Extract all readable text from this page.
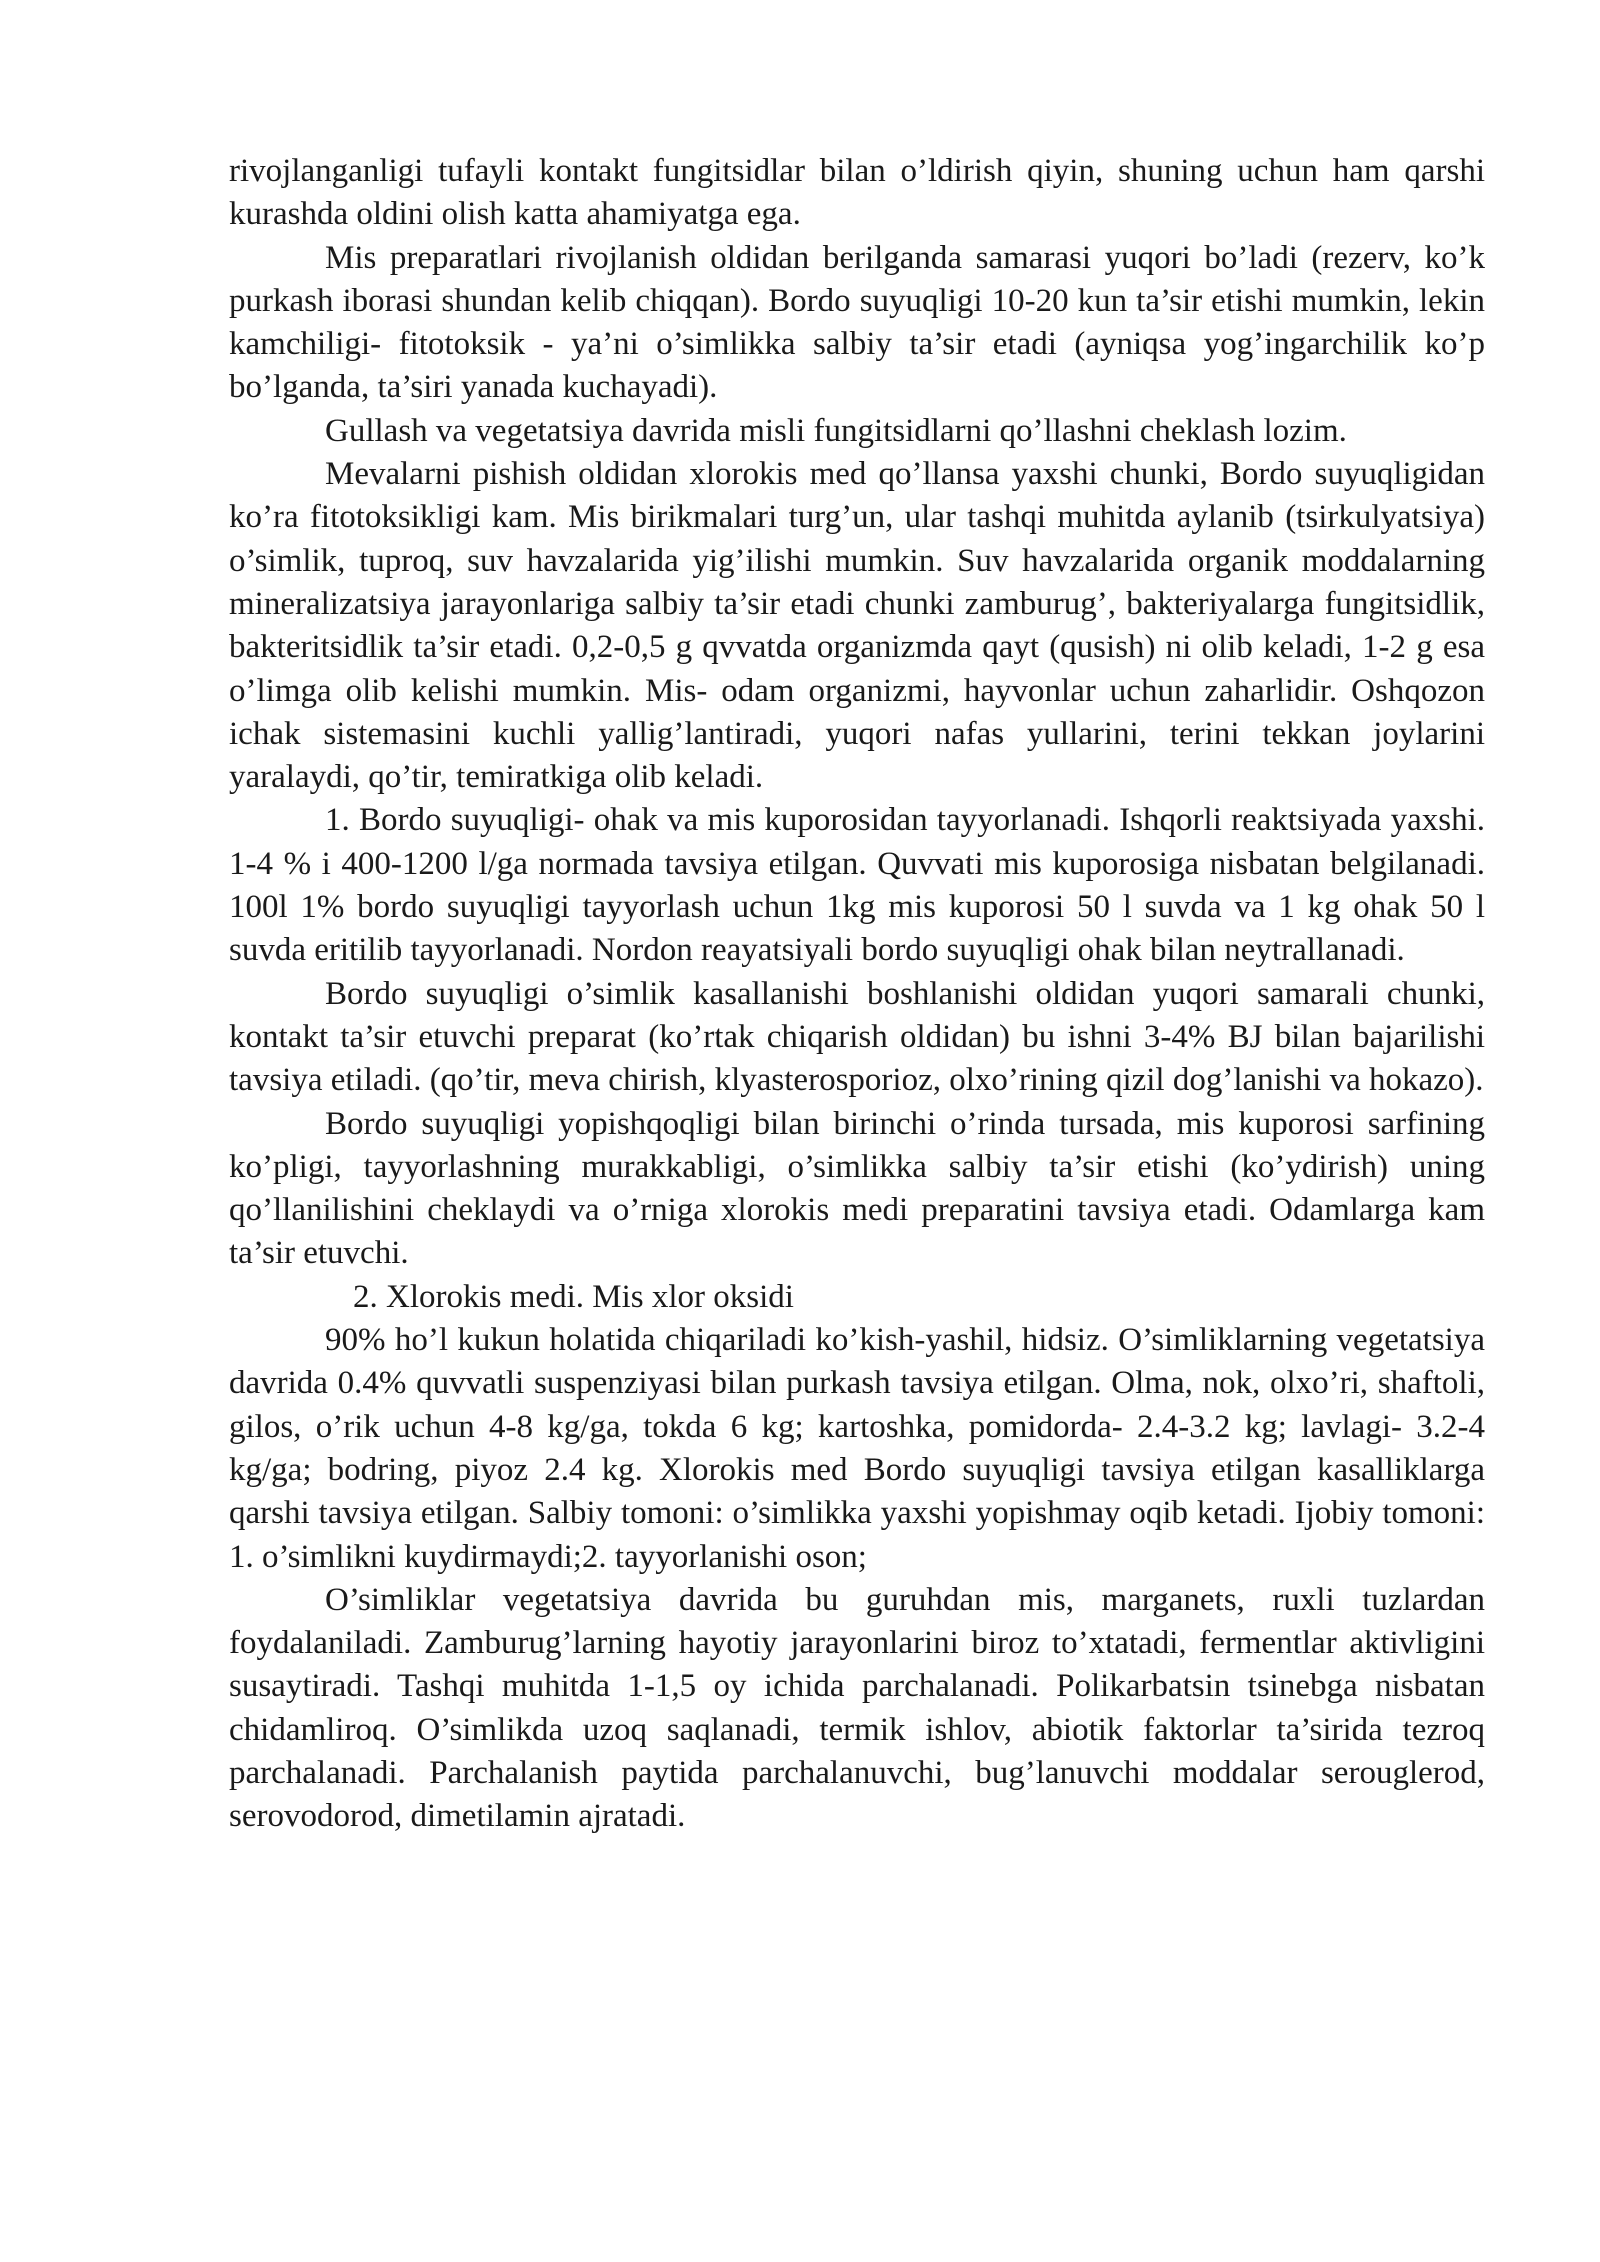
rivojlanganligi tufayli kontakt fungitsidlar bilan o’ldirish qiyin, shuning uchun ham qarshi kurashda oldini olish katta ahamiyatga ega.

Mis preparatlari rivojlanish oldidan berilganda samarasi yuqori bo’ladi (rezerv, ko’k purkash iborasi shundan kelib chiqqan). Bordo suyuqligi 10-20 kun ta’sir etishi mumkin, lekin kamchiligi- fitotoksik - ya’ni o’simlikka salbiy ta’sir etadi (ayniqsa yog’ingarchilik ko’p bo’lganda, ta’siri yanada kuchayadi).

Gullash va vegetatsiya davrida misli fungitsidlarni qo’llashni cheklash lozim.

Mevalarni pishish oldidan xlorokis med qo’llansa yaxshi chunki, Bordo suyuqligidan ko’ra fitotoksikligi kam. Mis birikmalari turg’un, ular tashqi muhitda aylanib (tsirkulyatsiya) o’simlik, tuproq, suv havzalarida yig’ilishi mumkin. Suv havzalarida organik moddalarning mineralizatsiya jarayonlariga salbiy ta’sir etadi chunki zamburug’, bakteriyalarga fungitsidlik, bakteritsidlik ta’sir etadi. 0,2-0,5 g qvvatda organizmda qayt (qusish) ni olib keladi, 1-2 g esa o’limga olib kelishi mumkin. Mis- odam organizmi, hayvonlar uchun zaharlidir. Oshqozon ichak sistemasini kuchli yallig’lantiradi, yuqori nafas yullarini, terini tekkan joylarini yaralaydi, qo’tir, temiratkiga olib keladi.

1. Bordo suyuqligi- ohak va mis kuporosidan tayyorlanadi. Ishqorli reaktsiyada yaxshi. 1-4 % i 400-1200 l/ga normada tavsiya etilgan. Quvvati mis kuporosiga nisbatan belgilanadi. 100l 1% bordo suyuqligi tayyorlash uchun 1kg mis kuporosi 50 l suvda va 1 kg ohak 50 l suvda eritilib tayyorlanadi. Nordon reayatsiyali bordo suyuqligi ohak bilan neytrallanadi.

Bordo suyuqligi o’simlik kasallanishi boshlanishi oldidan yuqori samarali chunki, kontakt ta’sir etuvchi preparat (ko’rtak chiqarish oldidan) bu ishni 3-4% BJ bilan bajarilishi tavsiya etiladi. (qo’tir, meva chirish, klyasterosporioz, olxo’rining qizil dog’lanishi va hokazo).

Bordo suyuqligi yopishqoqligi bilan birinchi o’rinda tursada, mis kuporosi sarfining ko’pligi, tayyorlashning murakkabligi, o’simlikka salbiy ta’sir etishi (ko’ydirish) uning qo’llanilishini cheklaydi va o’rniga xlorokis medi preparatini tavsiya etadi. Odamlarga kam ta’sir etuvchi.

2. Xlorokis medi. Mis xlor oksidi

90% ho’l kukun holatida chiqariladi ko’kish-yashil, hidsiz. O’simliklarning vegetatsiya davrida 0.4% quvvatli suspenziyasi bilan purkash tavsiya etilgan. Olma, nok, olxo’ri, shaftoli, gilos, o’rik uchun 4-8 kg/ga, tokda 6 kg; kartoshka, pomidorda- 2.4-3.2 kg; lavlagi- 3.2-4 kg/ga; bodring, piyoz 2.4 kg. Xlorokis med Bordo suyuqligi tavsiya etilgan kasalliklarga qarshi tavsiya etilgan. Salbiy tomoni: o’simlikka yaxshi yopishmay oqib ketadi. Ijobiy tomoni: 1. o’simlikni kuydirmaydi;2. tayyorlanishi oson;

O’simliklar vegetatsiya davrida bu guruhdan mis, marganets, ruxli tuzlardan foydalaniladi. Zamburug’larning hayotiy jarayonlarini biroz to’xtatadi, fermentlar aktivligini susaytiradi. Tashqi muhitda 1-1,5 oy ichida parchalanadi. Polikarbatsin tsinebga nisbatan chidamliroq. O’simlikda uzoq saqlanadi, termik ishlov, abiotik faktorlar ta’sirida tezroq parchalanadi. Parchalanish paytida parchalanuvchi, bug’lanuvchi moddalar serouglerod, serovodorod, dimetilamin ajratadi.
